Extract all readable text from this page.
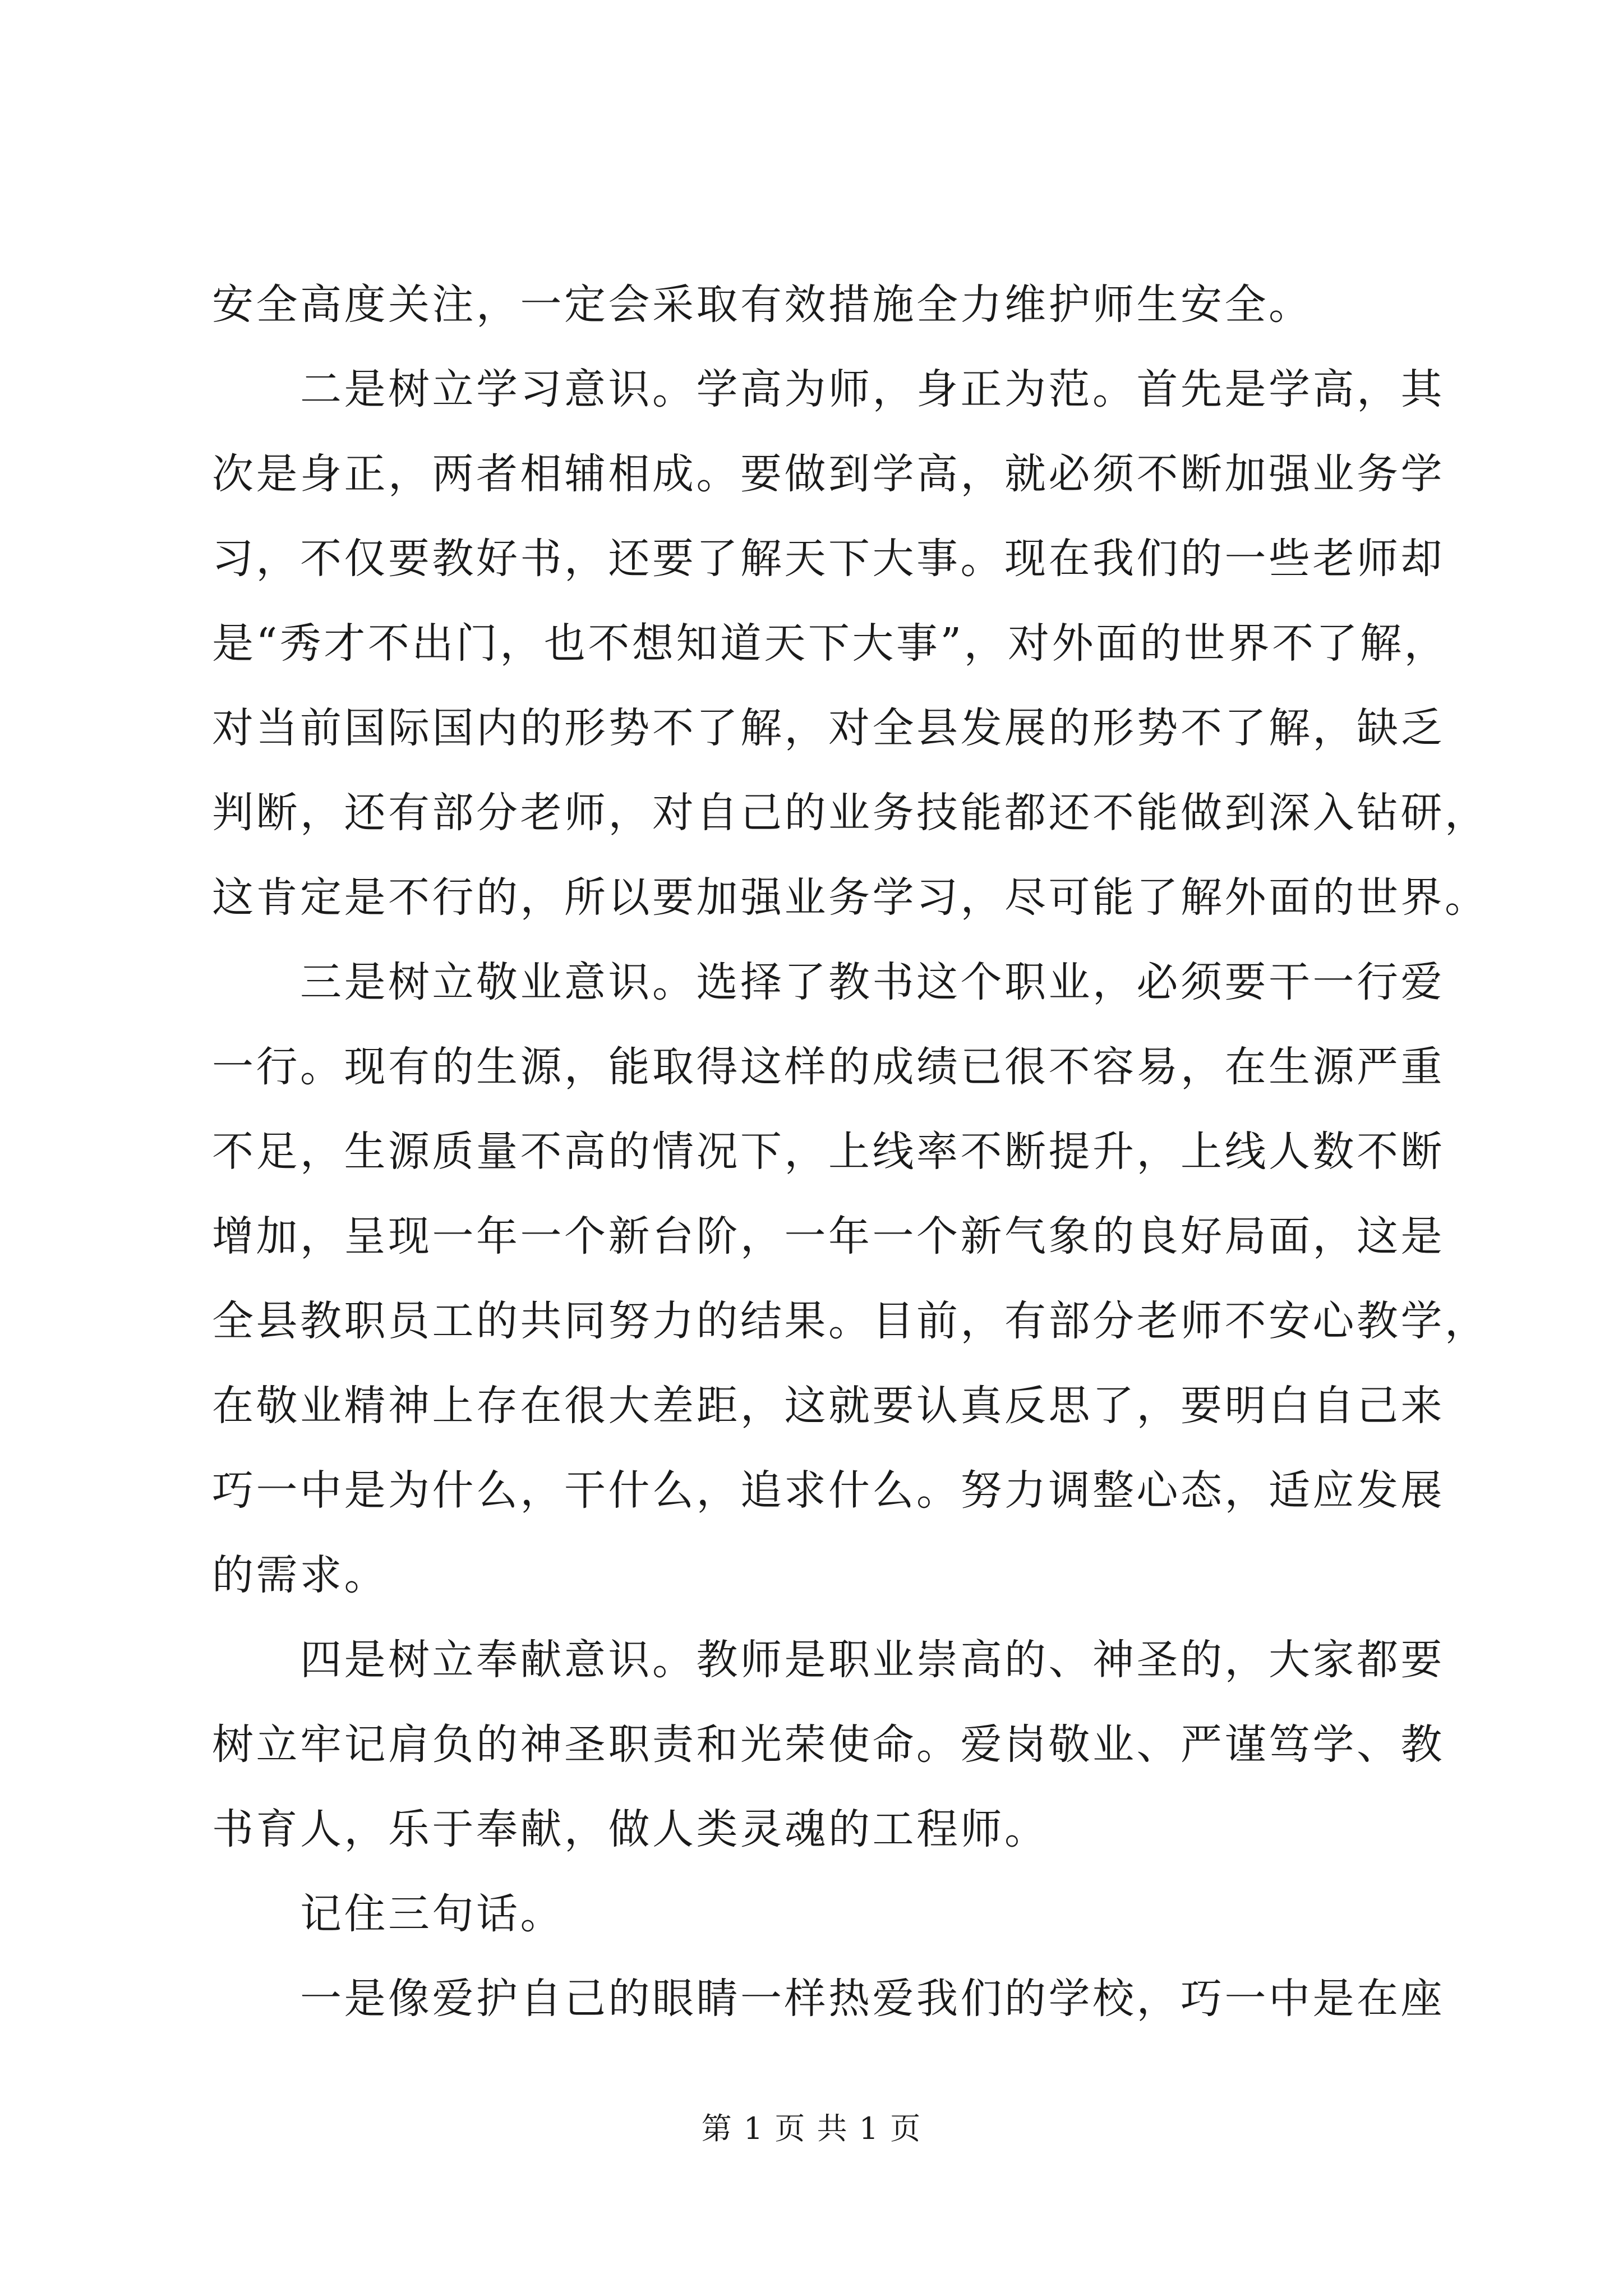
安全高度关注，一定会采取有效措施全力维护师生安全。
二是树立学习意识。学高为师，身正为范。首先是学高，其
次是身正，两者相辅相成。要做到学高，就必须不断加强业务学
习，不仅要教好书，还要了解天下大事。现在我们的一些老师却
是“秀才不出门，也不想知道天下大事”，对外面的世界不了解，
对当前国际国内的形势不了解，对全县发展的形势不了解，缺乏
判断，还有部分老师，对自己的业务技能都还不能做到深入钻研，
这肯定是不行的，所以要加强业务学习，尽可能了解外面的世界。
三是树立敬业意识。选择了教书这个职业，必须要干一行爱
一行。现有的生源，能取得这样的成绩已很不容易，在生源严重
不足，生源质量不高的情况下，上线率不断提升，上线人数不断
增加，呈现一年一个新台阶，一年一个新气象的良好局面，这是
全县教职员工的共同努力的结果。目前，有部分老师不安心教学，
在敬业精神上存在很大差距，这就要认真反思了，要明白自己来
巧一中是为什么，干什么，追求什么。努力调整心态，适应发展
的需求。
四是树立奉献意识。教师是职业崇高的、神圣的，大家都要
树立牢记肩负的神圣职责和光荣使命。爱岗敬业、严谨笃学、教
书育人，乐于奉献，做人类灵魂的工程师。
记住三句话。
一是像爱护自己的眼睛一样热爱我们的学校，巧一中是在座
第 1 页 共 1 页
